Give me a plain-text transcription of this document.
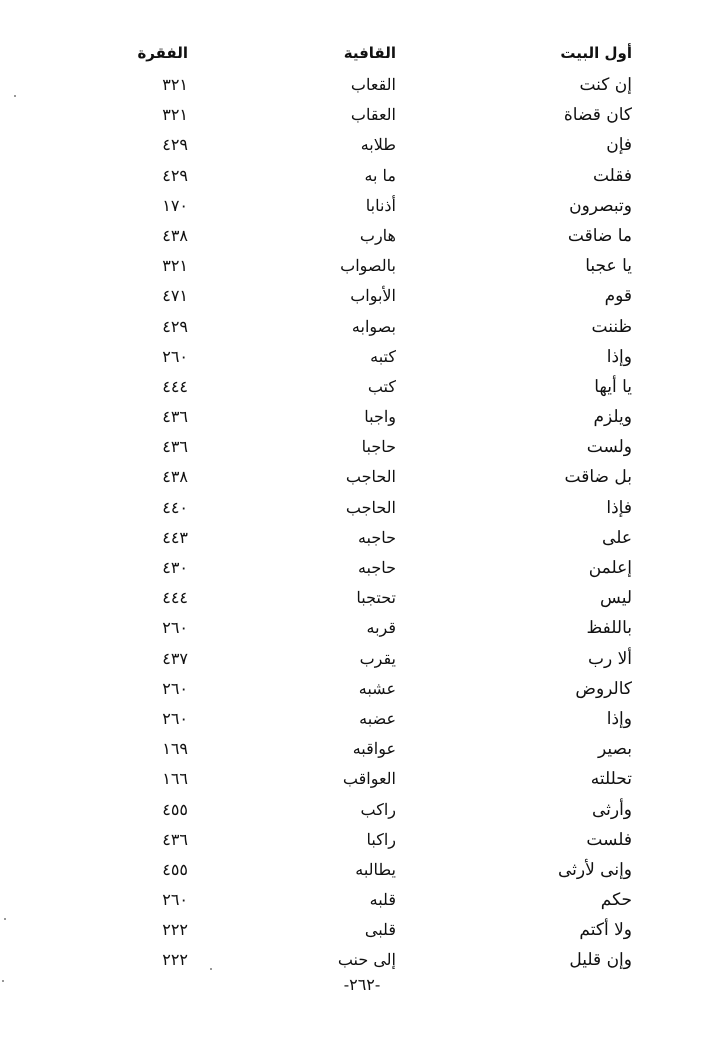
أول البيت
القافية
الفقرة
إن كنت
القعاب
٣٢١
كان قضاة
العقاب
٣٢١
فإن
طلابه
٤٢٩
فقلت
ما به
٤٢٩
وتبصرون
أذنابا
١٧٠
ما ضاقت
هارب
٤٣٨
يا عجبا
بالصواب
٣٢١
قوم
الأبواب
٤٧١
ظننت
بصوابه
٤٢٩
وإذا
كتبه
٢٦٠
يا أيها
كتب
٤٤٤
ويلزم
واجبا
٤٣٦
ولست
حاجبا
٤٣٦
بل ضاقت
الحاجب
٤٣٨
فإذا
الحاجب
٤٤٠
على
حاجبه
٤٤٣
إعلمن
حاجبه
٤٣٠
ليس
تحتجبا
٤٤٤
باللفظ
قربه
٢٦٠
ألا رب
يقرب
٤٣٧
كالروض
عشبه
٢٦٠
وإذا
عضبه
٢٦٠
بصير
عواقبه
١٦٩
تحللته
العواقب
١٦٦
وأرثى
راكب
٤٥٥
فلست
راكبا
٤٣٦
وإنى لأرثى
يطالبه
٤٥٥
حكم
قلبه
٢٦٠
ولا أكتم
قلبى
٢٢٢
وإن قليل
إلى حنب
٢٢٢
-٢٦٢-
